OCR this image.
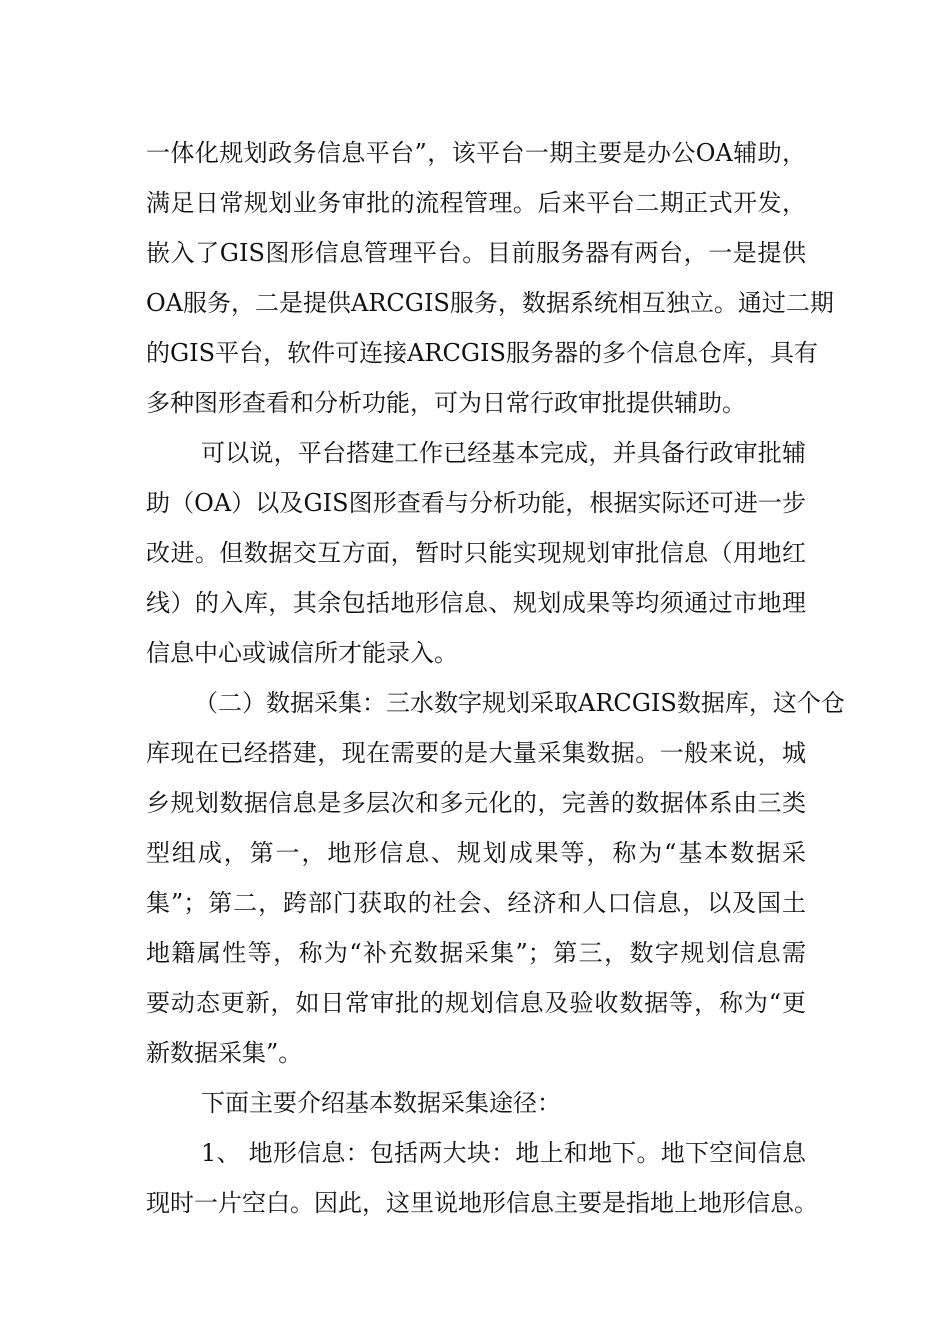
一体化规划政务信息平台”，该平台一期主要是办公OA辅助，
满足日常规划业务审批的流程管理。后来平台二期正式开发，
嵌入了GIS图形信息管理平台。目前服务器有两台，一是提供
OA服务，二是提供ARCGIS服务，数据系统相互独立。通过二期
的GIS平台，软件可连接ARCGIS服务器的多个信息仓库，具有
多种图形查看和分析功能，可为日常行政审批提供辅助。
可以说，平台搭建工作已经基本完成，并具备行政审批辅
助（OA）以及GIS图形查看与分析功能，根据实际还可进一步
改进。但数据交互方面，暂时只能实现规划审批信息（用地红
线）的入库，其余包括地形信息、规划成果等均须通过市地理
信息中心或诚信所才能录入。
（二）数据采集：三水数字规划采取ARCGIS数据库，这个仓
库现在已经搭建，现在需要的是大量采集数据。一般来说，城
乡规划数据信息是多层次和多元化的，完善的数据体系由三类
型组成，第一，地形信息、规划成果等，称为“基本数据采
集”；第二，跨部门获取的社会、经济和人口信息，以及国土
地籍属性等，称为“补充数据采集”；第三，数字规划信息需
要动态更新，如日常审批的规划信息及验收数据等，称为“更
新数据采集”。
下面主要介绍基本数据采集途径：
1、 地形信息：包括两大块：地上和地下。地下空间信息
现时一片空白。因此，这里说地形信息主要是指地上地形信息。
